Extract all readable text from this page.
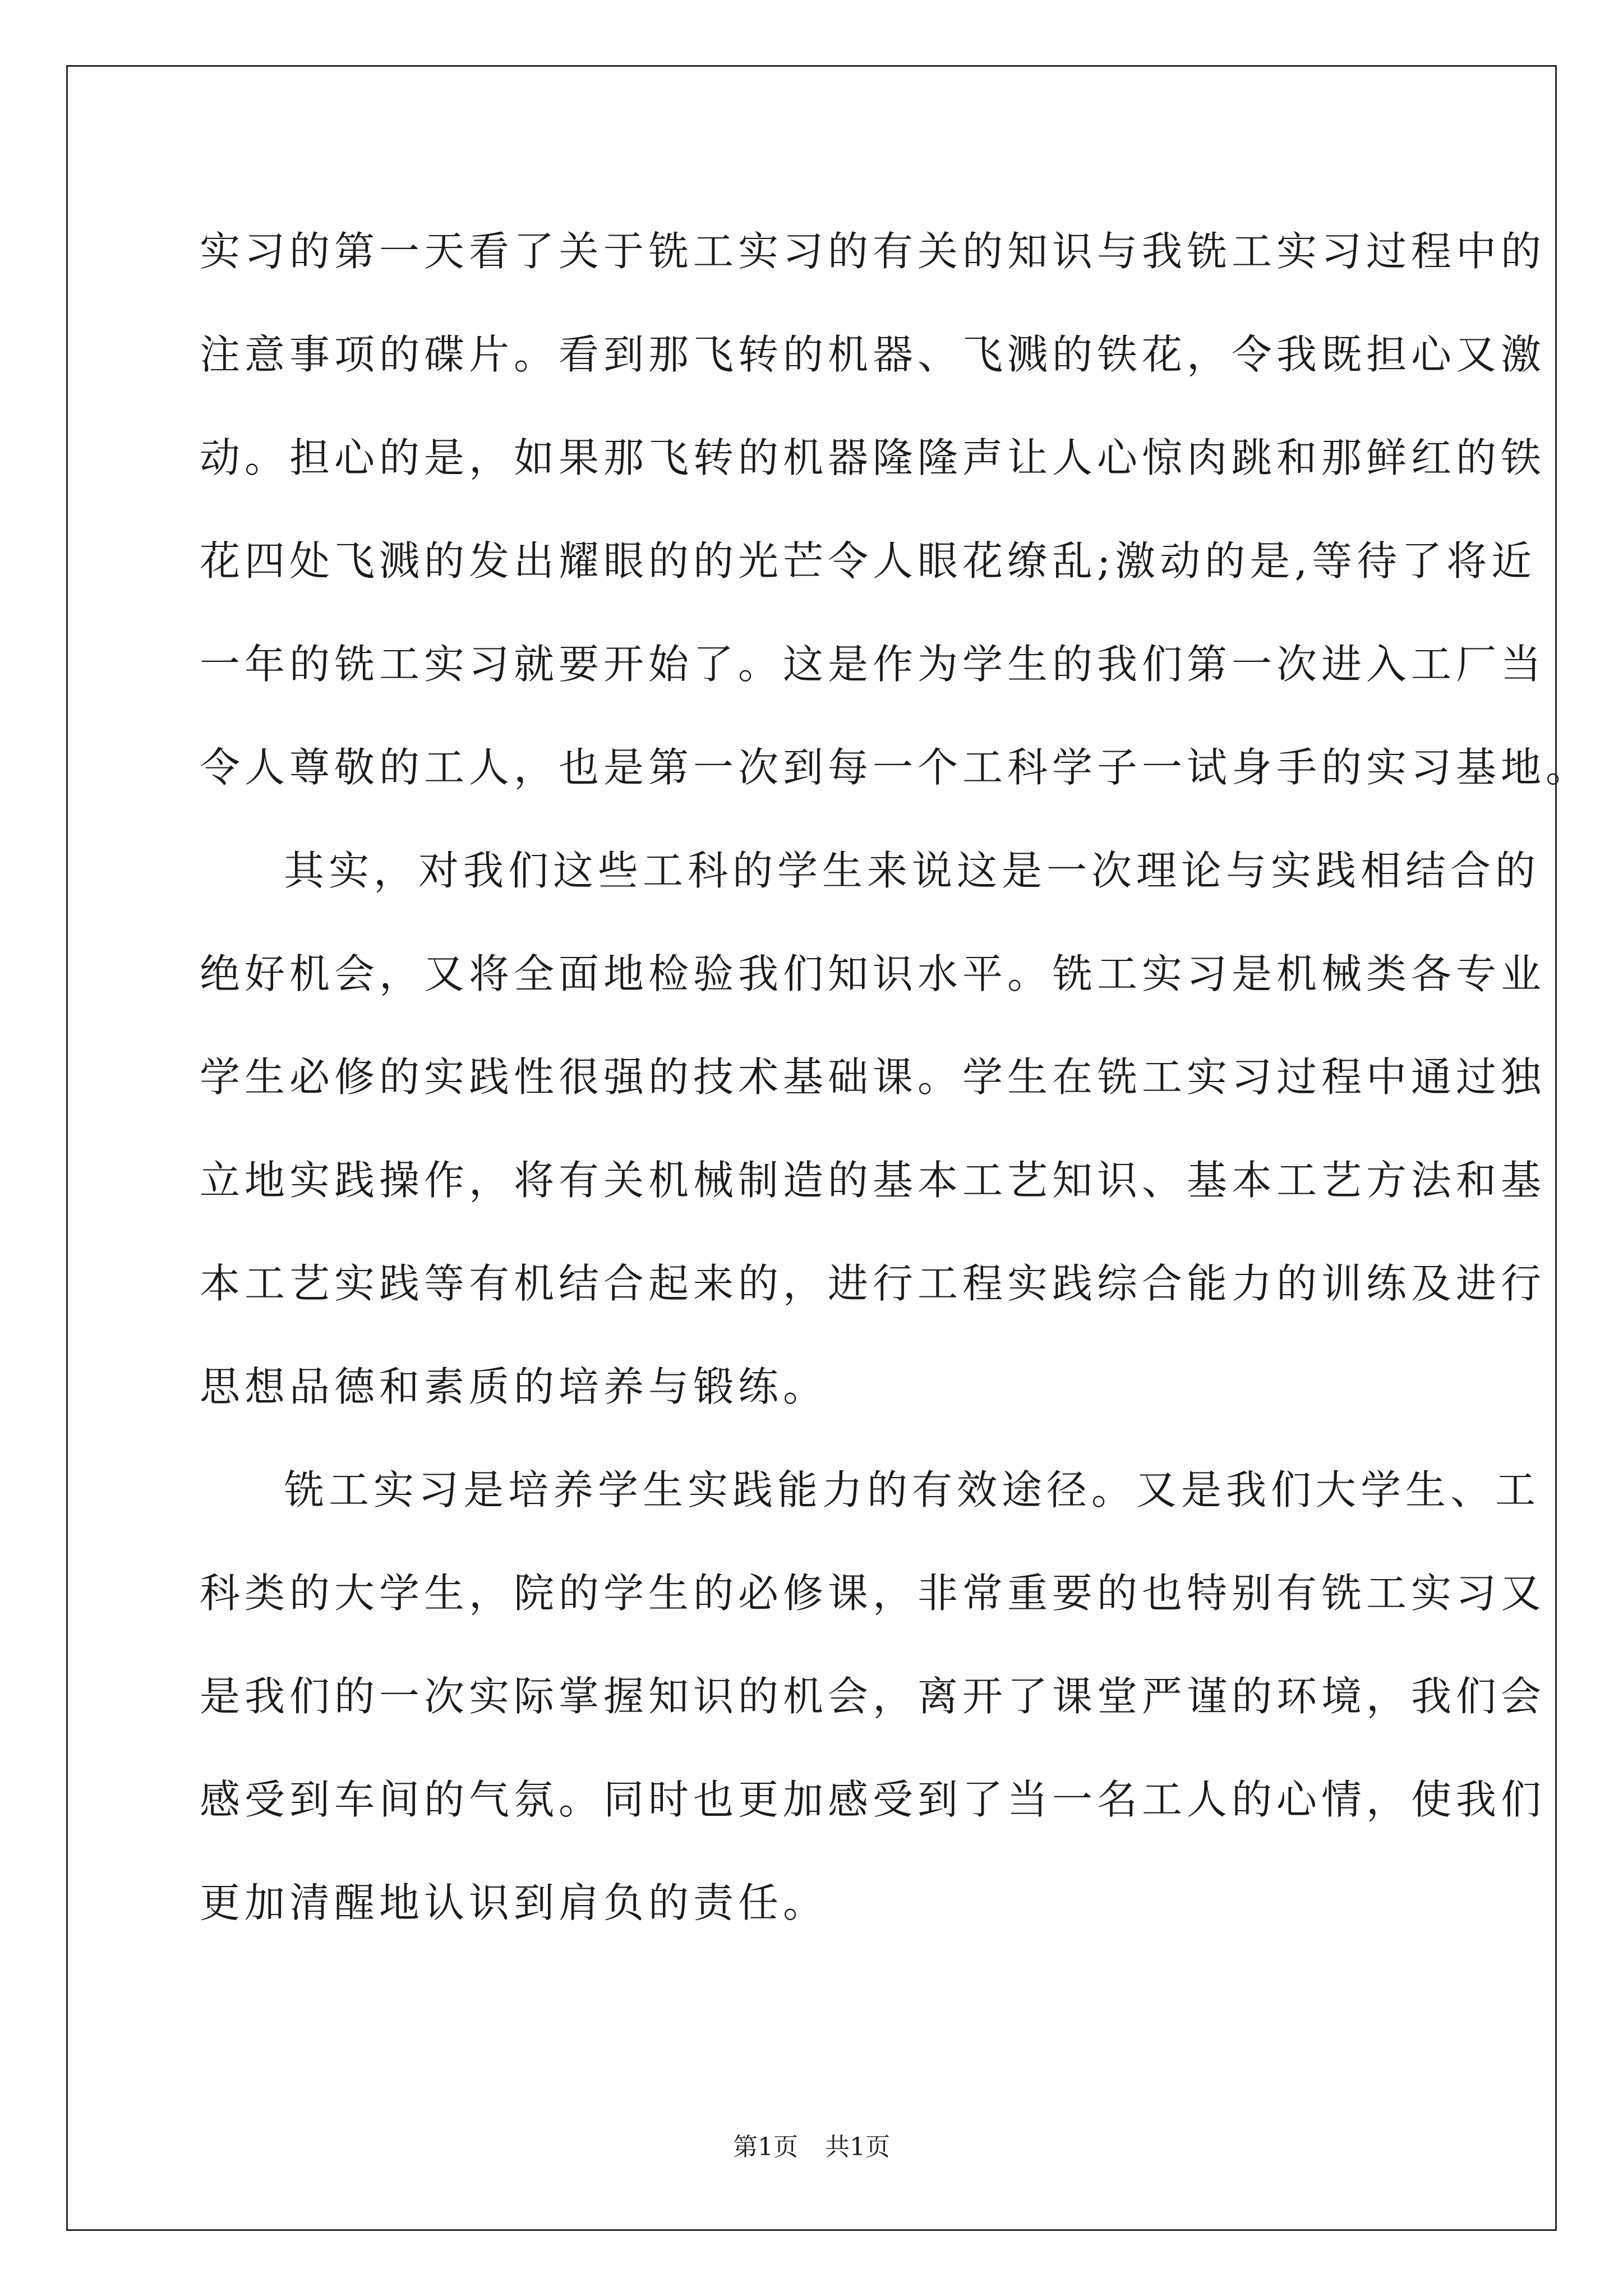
实习的第一天看了关于铣工实习的有关的知识与我铣工实习过程中的
注意事项的碟片。看到那飞转的机器、飞溅的铁花，令我既担心又激
动。担心的是，如果那飞转的机器隆隆声让人心惊肉跳和那鲜红的铁
花四处飞溅的发出耀眼的的光芒令人眼花缭乱;激动的是,等待了将近
一年的铣工实习就要开始了。这是作为学生的我们第一次进入工厂当
令人尊敬的工人，也是第一次到每一个工科学子一试身手的实习基地。
其实，对我们这些工科的学生来说这是一次理论与实践相结合的
绝好机会，又将全面地检验我们知识水平。铣工实习是机械类各专业
学生必修的实践性很强的技术基础课。学生在铣工实习过程中通过独
立地实践操作，将有关机械制造的基本工艺知识、基本工艺方法和基
本工艺实践等有机结合起来的，进行工程实践综合能力的训练及进行
思想品德和素质的培养与锻练。
铣工实习是培养学生实践能力的有效途径。又是我们大学生、工
科类的大学生，院的学生的必修课，非常重要的也特别有铣工实习又
是我们的一次实际掌握知识的机会，离开了课堂严谨的环境，我们会
感受到车间的气氛。同时也更加感受到了当一名工人的心情，使我们
更加清醒地认识到肩负的责任。
第1页 共1页
